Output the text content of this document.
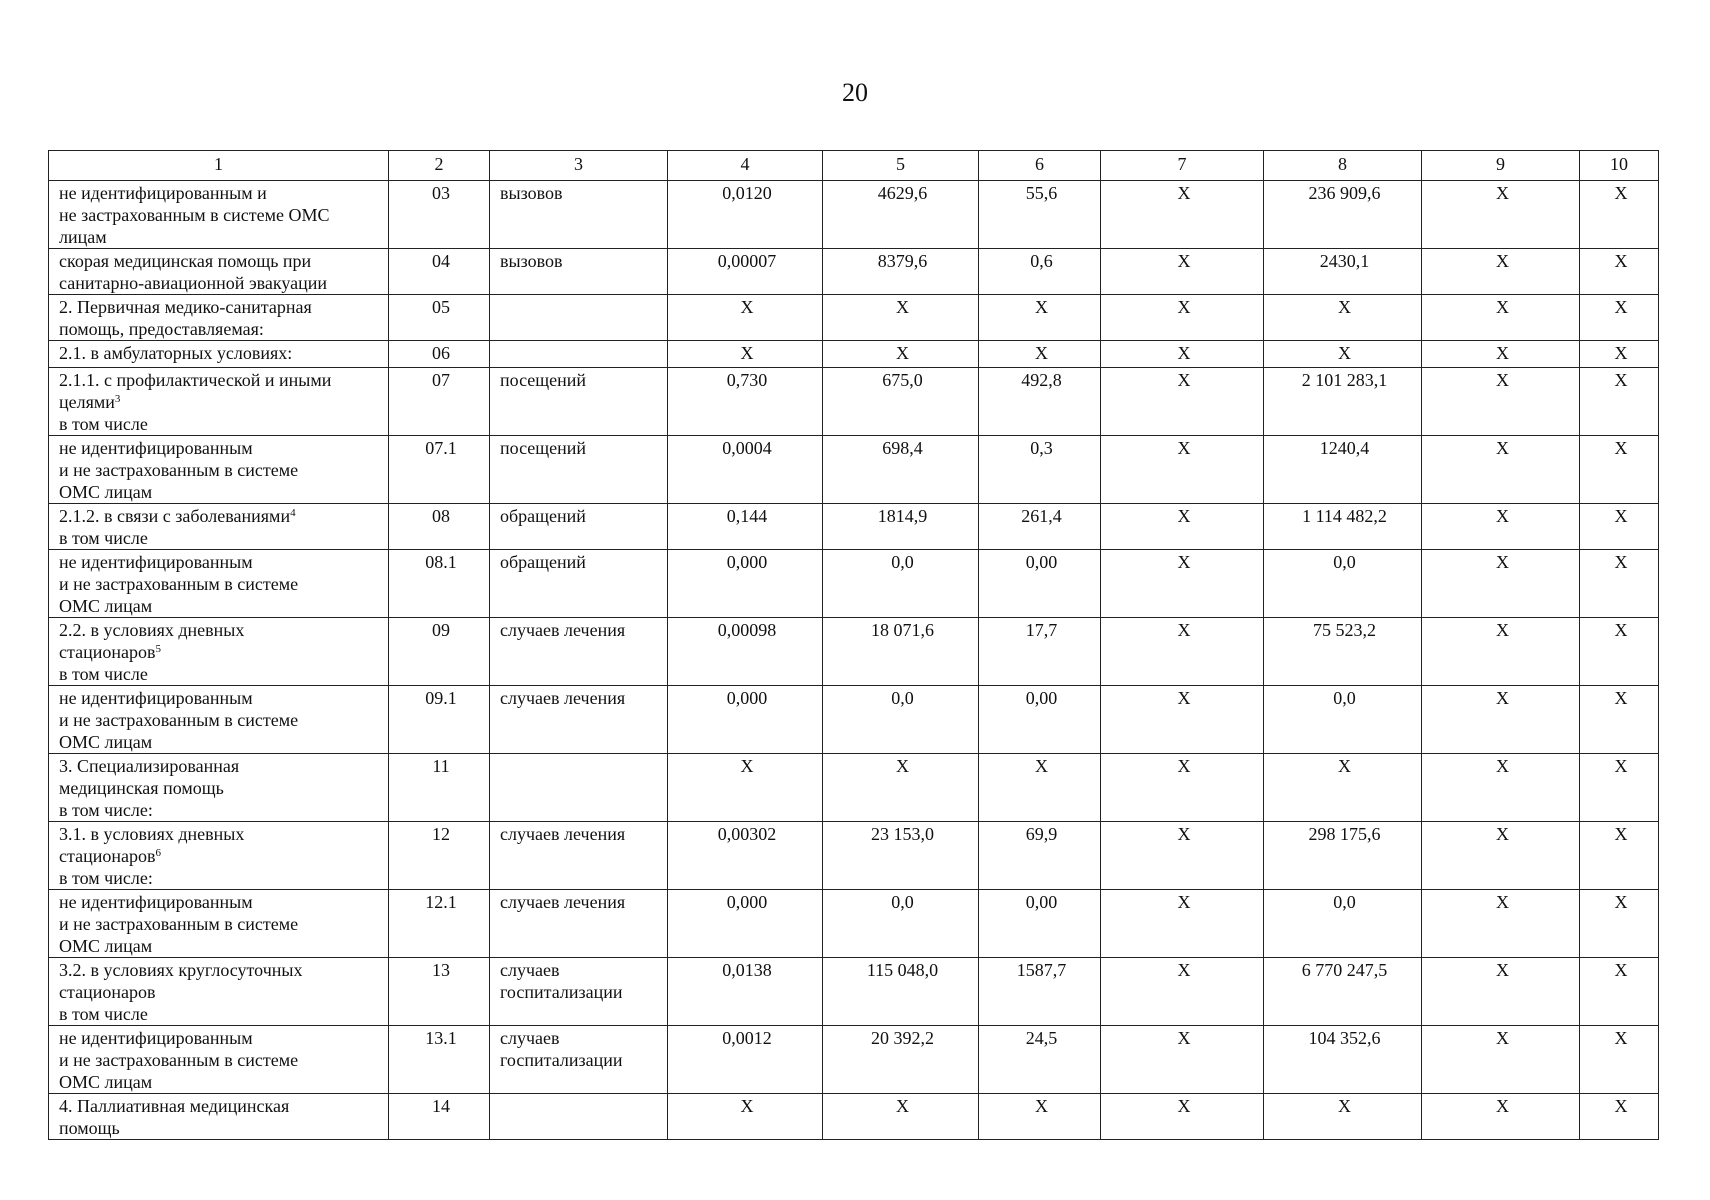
20
1	2	3	4	5	6	7	8	9	10

не идентифицированным и
не застрахованным в системе ОМС
лицам	03	вызовов	0,0120	4629,6	55,6	X	236 909,6	X	X

скорая медицинская помощь при
санитарно-авиационной эвакуации	04	вызовов	0,00007	8379,6	0,6	X	2430,1	X	X

2. Первичная медико-санитарная
помощь, предоставляемая:	05		X	X	X	X	X	X	X

2.1. в амбулаторных условиях:	06		X	X	X	X	X	X	X

2.1.1. с профилактической и иными
целями$^3$
в том числе	07	посещений	0,730	675,0	492,8	X	2 101 283,1	X	X

не идентифицированным
и не застрахованным в системе
ОМС лицам	07.1	посещений	0,0004	698,4	0,3	X	1240,4	X	X

2.1.2. в связи с заболеваниями$^4$
в том числе	08	обращений	0,144	1814,9	261,4	X	1 114 482,2	X	X

не идентифицированным
и не застрахованным в системе
ОМС лицам	08.1	обращений	0,000	0,0	0,00	X	0,0	X	X

2.2. в условиях дневных
стационаров$^5$
в том числе	09	случаев лечения	0,00098	18 071,6	17,7	X	75 523,2	X	X

не идентифицированным
и не застрахованным в системе
ОМС лицам	09.1	случаев лечения	0,000	0,0	0,00	X	0,0	X	X

3. Специализированная
медицинская помощь
в том числе:	11		X	X	X	X	X	X	X

3.1. в условиях дневных
стационаров$^6$
в том числе:	12	случаев лечения	0,00302	23 153,0	69,9	X	298 175,6	X	X

не идентифицированным
и не застрахованным в системе
ОМС лицам	12.1	случаев лечения	0,000	0,0	0,00	X	0,0	X	X

3.2. в условиях круглосуточных
стационаров
в том числе	13	случаев госпитализации	0,0138	115 048,0	1587,7	X	6 770 247,5	X	X

не идентифицированным
и не застрахованным в системе
ОМС лицам	13.1	случаев госпитализации	0,0012	20 392,2	24,5	X	104 352,6	X	X

4. Паллиативная медицинская
помощь	14		X	X	X	X	X	X	X
